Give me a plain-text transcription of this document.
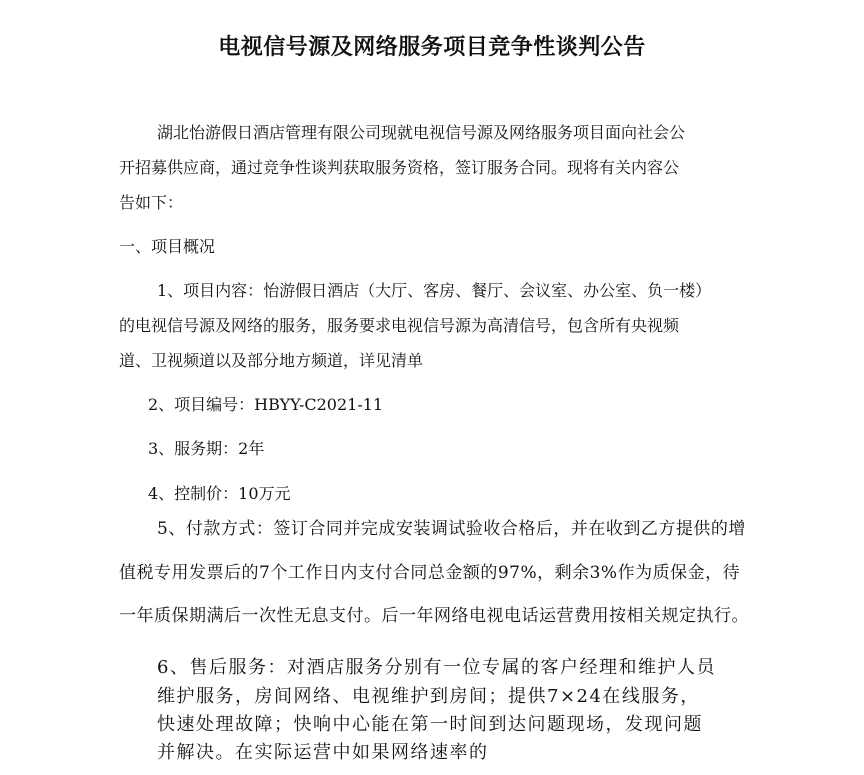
电视信号源及网络服务项目竞争性谈判公告

湖北怡游假日酒店管理有限公司现就电视信号源及网络服务项目面向社会公

开招募供应商，通过竞争性谈判获取服务资格，签订服务合同。现将有关内容公

告如下：

一、项目概况

1、项目内容：怡游假日酒店（大厅、客房、餐厅、会议室、办公室、负一楼）

的电视信号源及网络的服务，服务要求电视信号源为高清信号，包含所有央视频

道、卫视频道以及部分地方频道，详见清单

2、项目编号：HBYY-C2021-11

3、服务期：2年

4、控制价：10万元

5、付款方式：签订合同并完成安装调试验收合格后，并在收到乙方提供的增

值税专用发票后的7个工作日内支付合同总金额的97%，剩余3%作为质保金，待

一年质保期满后一次性无息支付。后一年网络电视电话运营费用按相关规定执行。

6、售后服务：对酒店服务分别有一位专属的客户经理和维护人员

维护服务，房间网络、电视维护到房间；提供7×24在线服务，

快速处理故障；快响中心能在第一时间到达问题现场，发现问题

并解决。在实际运营中如果网络速率的
